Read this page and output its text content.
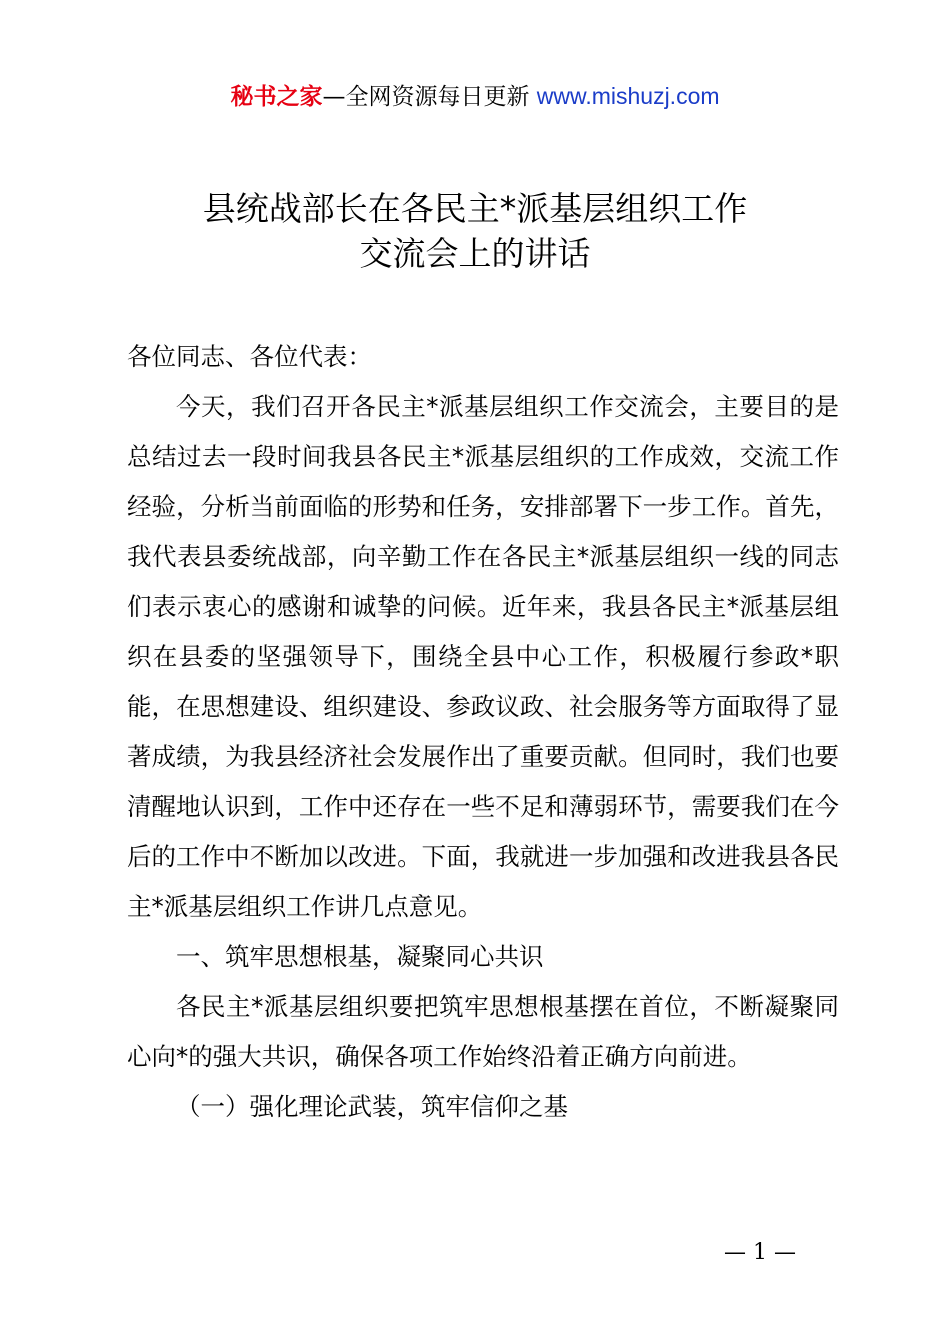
秘书之家—全网资源每日更新 www.mishuzj.com
县统战部长在各民主*派基层组织工作
交流会上的讲话

各位同志、各位代表：

今天，我们召开各民主*派基层组织工作交流会，主要目的是总结过去一段时间我县各民主*派基层组织的工作成效，交流工作经验，分析当前面临的形势和任务，安排部署下一步工作。首先，我代表县委统战部，向辛勤工作在各民主*派基层组织一线的同志们表示衷心的感谢和诚挚的问候。近年来，我县各民主*派基层组织在县委的坚强领导下，围绕全县中心工作，积极履行参政*职能，在思想建设、组织建设、参政议政、社会服务等方面取得了显著成绩，为我县经济社会发展作出了重要贡献。但同时，我们也要清醒地认识到，工作中还存在一些不足和薄弱环节，需要我们在今后的工作中不断加以改进。下面，我就进一步加强和改进我县各民主*派基层组织工作讲几点意见。

一、筑牢思想根基，凝聚同心共识

各民主*派基层组织要把筑牢思想根基摆在首位，不断凝聚同心向*的强大共识，确保各项工作始终沿着正确方向前进。

（一）强化理论武装，筑牢信仰之基

— 1 —
